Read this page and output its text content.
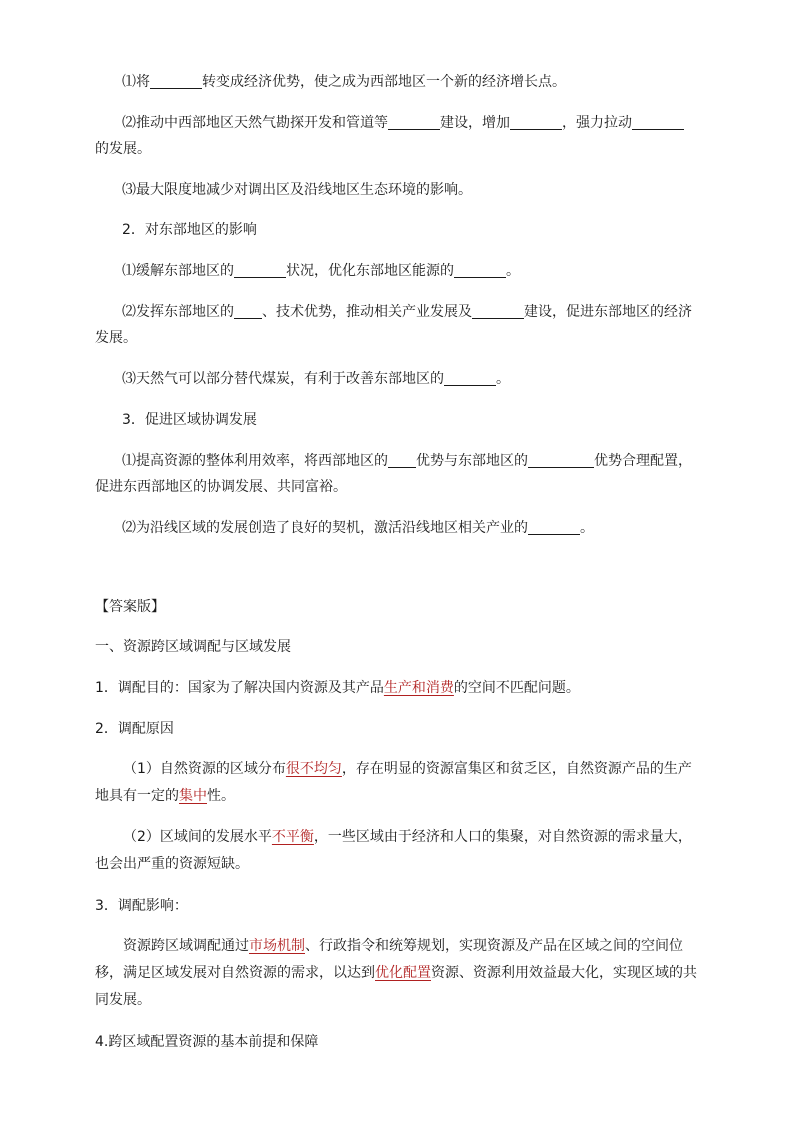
⑴将	转变成经济优势，使之成为西部地区一个新的经济增长点。
⑵推动中西部地区天然气勘探开发和管道等	建设，增加	，强力拉动
的发展。
⑶最大限度地减少对调出区及沿线地区生态环境的影响。
2．对东部地区的影响
⑴缓解东部地区的	状况，优化东部地区能源的	。
⑵发挥东部地区的 、技术优势，推动相关产业发展及	建设，促进东部地区的经济
发展。
⑶天然气可以部分替代煤炭，有利于改善东部地区的	。
3．促进区域协调发展
⑴提高资源的整体利用效率，将西部地区的 优势与东部地区的	优势合理配置，
促进东西部地区的协调发展、共同富裕。
⑵为沿线区域的发展创造了良好的契机，激活沿线地区相关产业的	。
【答案版】
一、资源跨区域调配与区域发展
1．调配目的：国家为了解决国内资源及其产品生产和消费的空间不匹配问题。
2．调配原因
（1）自然资源的区域分布很不均匀，存在明显的资源富集区和贫乏区，自然资源产品的生产地具有一定的集中性。
（2）区域间的发展水平不平衡，一些区域由于经济和人口的集聚，对自然资源的需求量大，也会出严重的资源短缺。
3．调配影响：
资源跨区域调配通过市场机制、行政指令和统筹规划，实现资源及产品在区域之间的空间位移，满足区域发展对自然资源的需求，以达到优化配置资源、资源利用效益最大化，实现区域的共同发展。
4.跨区域配置资源的基本前提和保障
